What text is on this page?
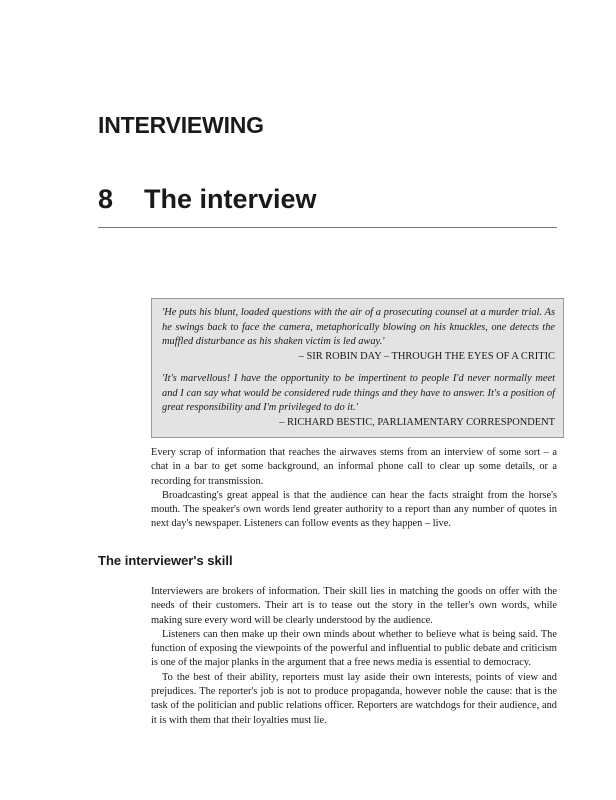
INTERVIEWING
8 The interview

'He puts his blunt, loaded questions with the air of a prosecuting counsel at a murder trial. As he swings back to face the camera, metaphorically blowing on his knuckles, one detects the muffled disturbance as his shaken victim is led away.'

– SIR ROBIN DAY – THROUGH THE EYES OF A CRITIC

'It's marvellous! I have the opportunity to be impertinent to people I'd never normally meet and I can say what would be considered rude things and they have to answer. It's a position of great responsibility and I'm privileged to do it.'

– RICHARD BESTIC, PARLIAMENTARY CORRESPONDENT

Every scrap of information that reaches the airwaves stems from an interview of some sort – a chat in a bar to get some background, an informal phone call to clear up some details, or a recording for transmission.

Broadcasting's great appeal is that the audience can hear the facts straight from the horse's mouth. The speaker's own words lend greater authority to a report than any number of quotes in next day's newspaper. Listeners can follow events as they happen – live.

The interviewer's skill

Interviewers are brokers of information. Their skill lies in matching the goods on offer with the needs of their customers. Their art is to tease out the story in the teller's own words, while making sure every word will be clearly understood by the audience.

Listeners can then make up their own minds about whether to believe what is being said. The function of exposing the viewpoints of the powerful and influential to public debate and criticism is one of the major planks in the argument that a free news media is essential to democracy.

To the best of their ability, reporters must lay aside their own interests, points of view and prejudices. The reporter's job is not to produce propaganda, however noble the cause: that is the task of the politician and public relations officer. Reporters are watchdogs for their audience, and it is with them that their loyalties must lie.
